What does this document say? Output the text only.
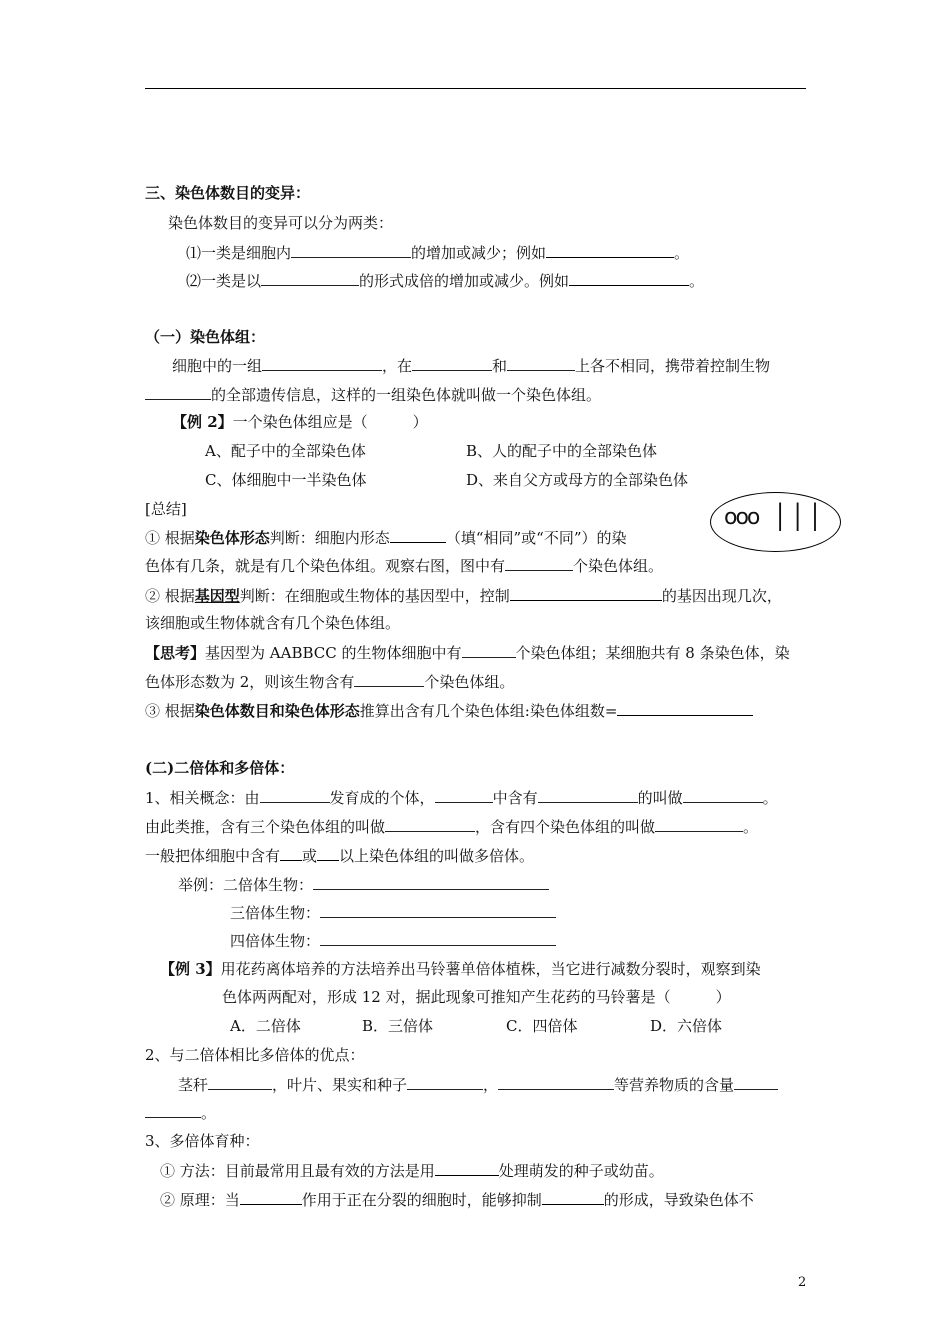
三、染色体数目的变异：
染色体数目的变异可以分为两类：
⑴一类是细胞内	的增加或减少；例如	。
⑵一类是以	的形式成倍的增加或减少。例如	。
（一）染色体组：
细胞中的一组	，在	和	上各不相同，携带着控制生物
的全部遗传信息，这样的一组染色体就叫做一个染色体组。
【例 2】一个染色体组应是（　　　）
A、配子中的全部染色体	B、人的配子中的全部染色体
C、体细胞中一半染色体	D、来自父方或母方的全部染色体
[总结]	ooo │││
① 根据染色体形态判断：细胞内形态	（填“相同”或“不同”）的染
色体有几条，就是有几个染色体组。观察右图，图中有	个染色体组。
② 根据基因型判断：在细胞或生物体的基因型中，控制	的基因出现几次，
该细胞或生物体就含有几个染色体组。
【思考】基因型为 AABBCC 的生物体细胞中有	个染色体组；某细胞共有 8 条染色体，染
色体形态数为 2，则该生物含有	个染色体组。
③ 根据染色体数目和染色体形态推算出含有几个染色体组:染色体组数=
(二)二倍体和多倍体：
1、相关概念：由	发育成的个体，	中含有	的叫做	。
由此类推，含有三个染色体组的叫做	，含有四个染色体组的叫做	。
一般把体细胞中含有 或 以上染色体组的叫做多倍体。
举例：二倍体生物：
三倍体生物：
四倍体生物：
【例 3】用花药离体培养的方法培养出马铃薯单倍体植株，当它进行减数分裂时，观察到染
色体两两配对，形成 12 对，据此现象可推知产生花药的马铃薯是（　　　）
A．二倍体	B．三倍体	C．四倍体	D．六倍体
2、与二倍体相比多倍体的优点：
茎秆	，叶片、果实和种子	，	等营养物质的含量
。
3、多倍体育种：
① 方法：目前最常用且最有效的方法是用	处理萌发的种子或幼苗。
② 原理：当	作用于正在分裂的细胞时，能够抑制	的形成，导致染色体不
2
